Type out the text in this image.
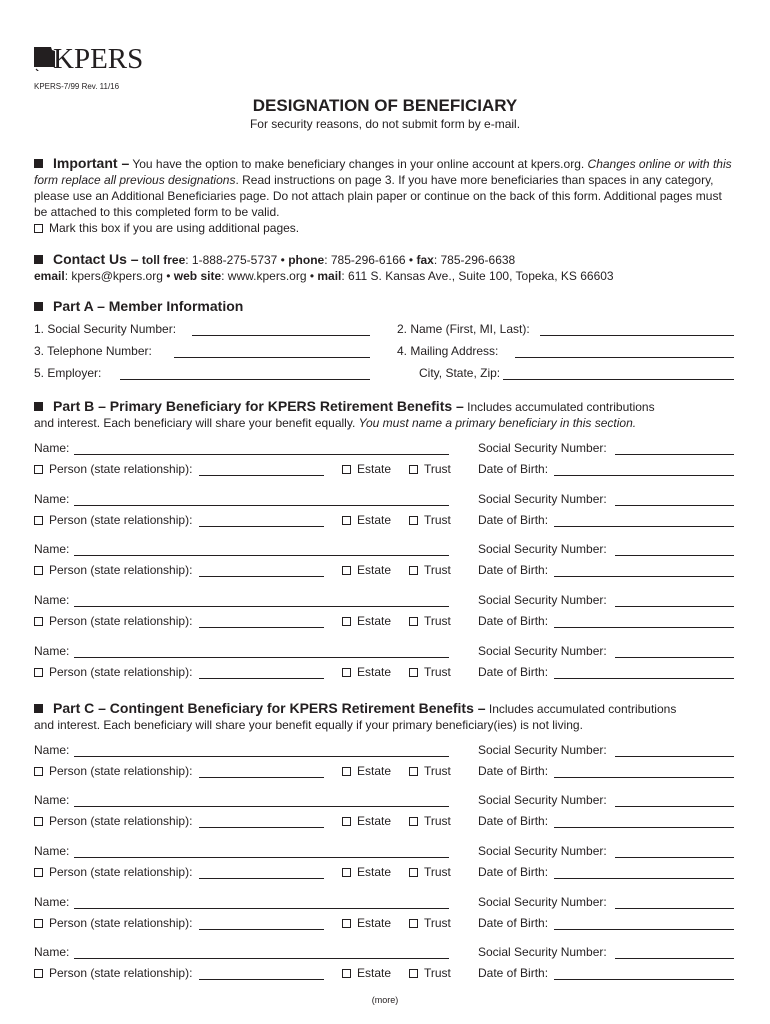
KPERS
KPERS-7/99 Rev. 11/16
DESIGNATION OF BENEFICIARY
For security reasons, do not submit form by e-mail.
Important – You have the option to make beneficiary changes in your online account at kpers.org. Changes online or with this form replace all previous designations. Read instructions on page 3. If you have more beneficiaries than spaces in any category, please use an Additional Beneficiaries page. Do not attach plain paper or continue on the back of this form. Additional pages must be attached to this completed form to be valid.
Mark this box if you are using additional pages.
Contact Us – toll free: 1-888-275-5737 • phone: 785-296-6166 • fax: 785-296-6638
email: kpers@kpers.org • web site: www.kpers.org • mail: 611 S. Kansas Ave., Suite 100, Topeka, KS 66603
Part A – Member Information
1. Social Security Number:	2. Name (First, MI, Last):
3. Telephone Number:	4. Mailing Address:
5. Employer:	City, State, Zip:
Part B – Primary Beneficiary for KPERS Retirement Benefits – Includes accumulated contributions
and interest. Each beneficiary will share your benefit equally. You must name a primary beneficiary in this section.
Name:	Social Security Number:
Person (state relationship):	Estate	Trust Date of Birth:
Name:	Social Security Number:
Person (state relationship):	Estate	Trust Date of Birth:
Name:	Social Security Number:
Person (state relationship):	Estate	Trust Date of Birth:
Name:	Social Security Number:
Person (state relationship):	Estate	Trust Date of Birth:
Name:	Social Security Number:
Person (state relationship):	Estate	Trust Date of Birth:
Part C – Contingent Beneficiary for KPERS Retirement Benefits – Includes accumulated contributions
and interest. Each beneficiary will share your benefit equally if your primary beneficiary(ies) is not living.
Name:	Social Security Number:
Person (state relationship):	Estate	Trust Date of Birth:
Name:	Social Security Number:
Person (state relationship):	Estate	Trust Date of Birth:
Name:	Social Security Number:
Person (state relationship):	Estate	Trust Date of Birth:
Name:	Social Security Number:
Person (state relationship):	Estate	Trust Date of Birth:
Name:	Social Security Number:
Person (state relationship):	Estate	Trust Date of Birth:
(more)
